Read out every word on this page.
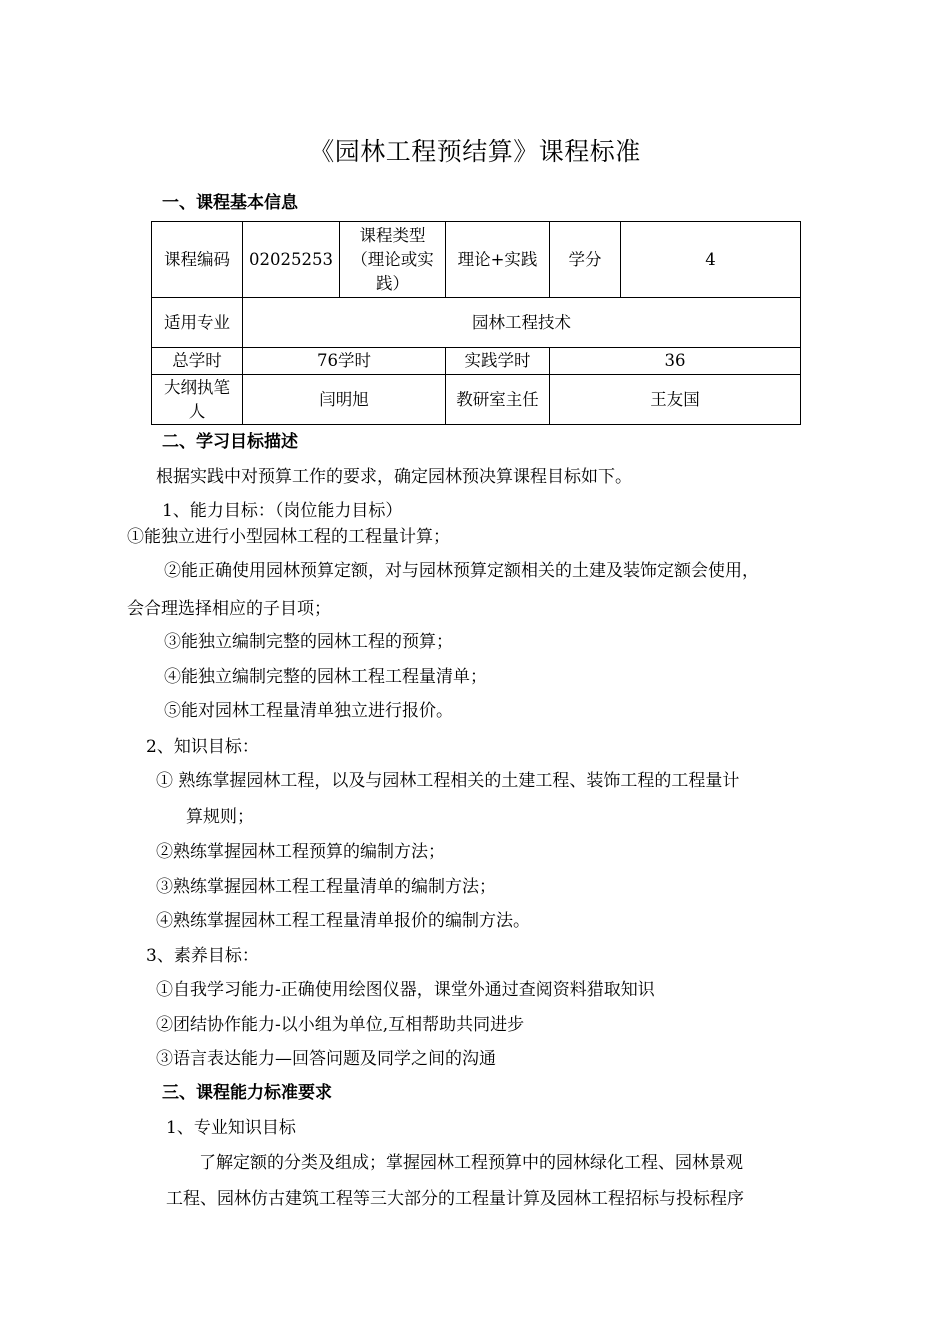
《园林工程预结算》课程标准
一、课程基本信息
课程编码	02025253	课程类型（理论或实践）	理论+实践	学分	4

适用专业	园林工程技术				
总学时	76学时		实践学时	36	

大纲执笔人	闫明旭		教研室主任	王友国	
二、学习目标描述
根据实践中对预算工作的要求，确定园林预决算课程目标如下。
1、能力目标：（岗位能力目标）
①能独立进行小型园林工程的工程量计算；
②能正确使用园林预算定额，对与园林预算定额相关的土建及装饰定额会使用，
会合理选择相应的子目项；
③能独立编制完整的园林工程的预算；
④能独立编制完整的园林工程工程量清单；
⑤能对园林工程量清单独立进行报价。
2、知识目标：
① 熟练掌握园林工程，以及与园林工程相关的土建工程、装饰工程的工程量计
算规则；
②熟练掌握园林工程预算的编制方法；
③熟练掌握园林工程工程量清单的编制方法；
④熟练掌握园林工程工程量清单报价的编制方法。
3、素养目标：
①自我学习能力-正确使用绘图仪器，课堂外通过查阅资料猎取知识
②团结协作能力-以小组为单位,互相帮助共同进步
③语言表达能力—回答问题及同学之间的沟通
三、课程能力标准要求
1、专业知识目标
了解定额的分类及组成；掌握园林工程预算中的园林绿化工程、园林景观
工程、园林仿古建筑工程等三大部分的工程量计算及园林工程招标与投标程序
